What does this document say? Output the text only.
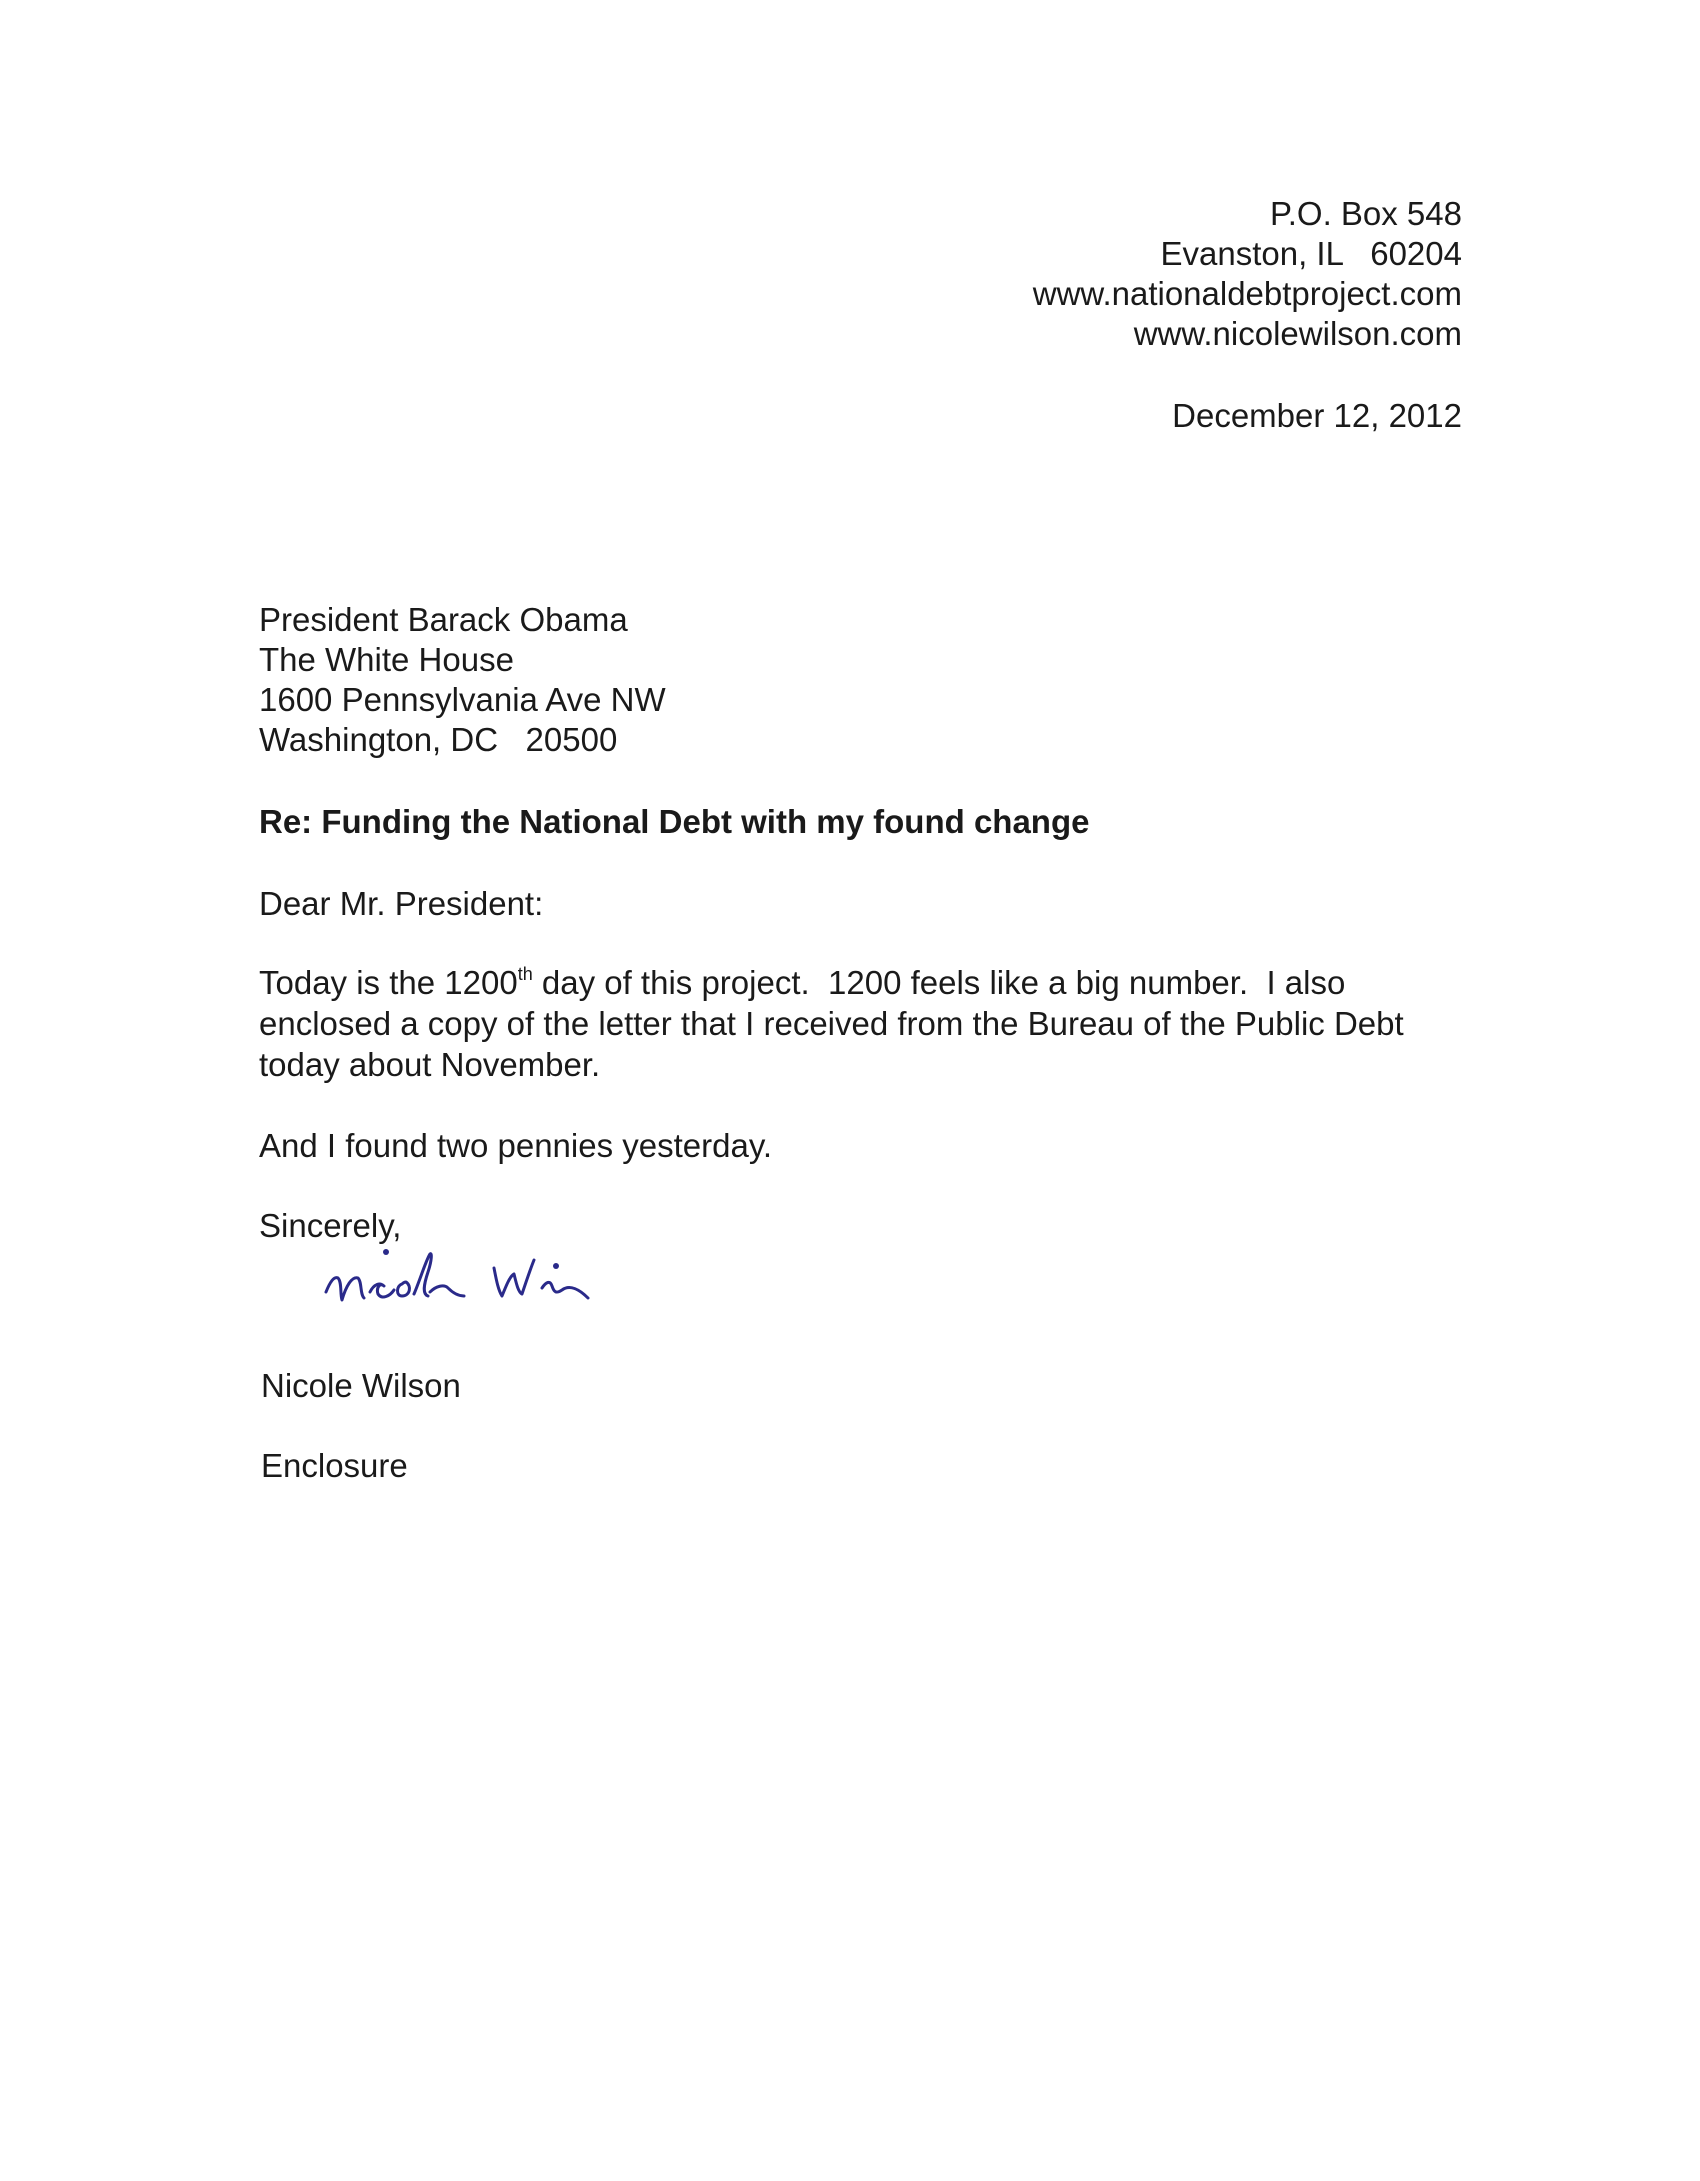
P.O. Box 548
Evanston, IL   60204
www.nationaldebtproject.com
www.nicolewilson.com
December 12, 2012
President Barack Obama
The White House
1600 Pennsylvania Ave NW
Washington, DC   20500
Re: Funding the National Debt with my found change
Dear Mr. President:
Today is the 1200th day of this project.  1200 feels like a big number.  I also
enclosed a copy of the letter that I received from the Bureau of the Public Debt
today about November.
And I found two pennies yesterday.
Sincerely,
Nicole Wilson
Enclosure
